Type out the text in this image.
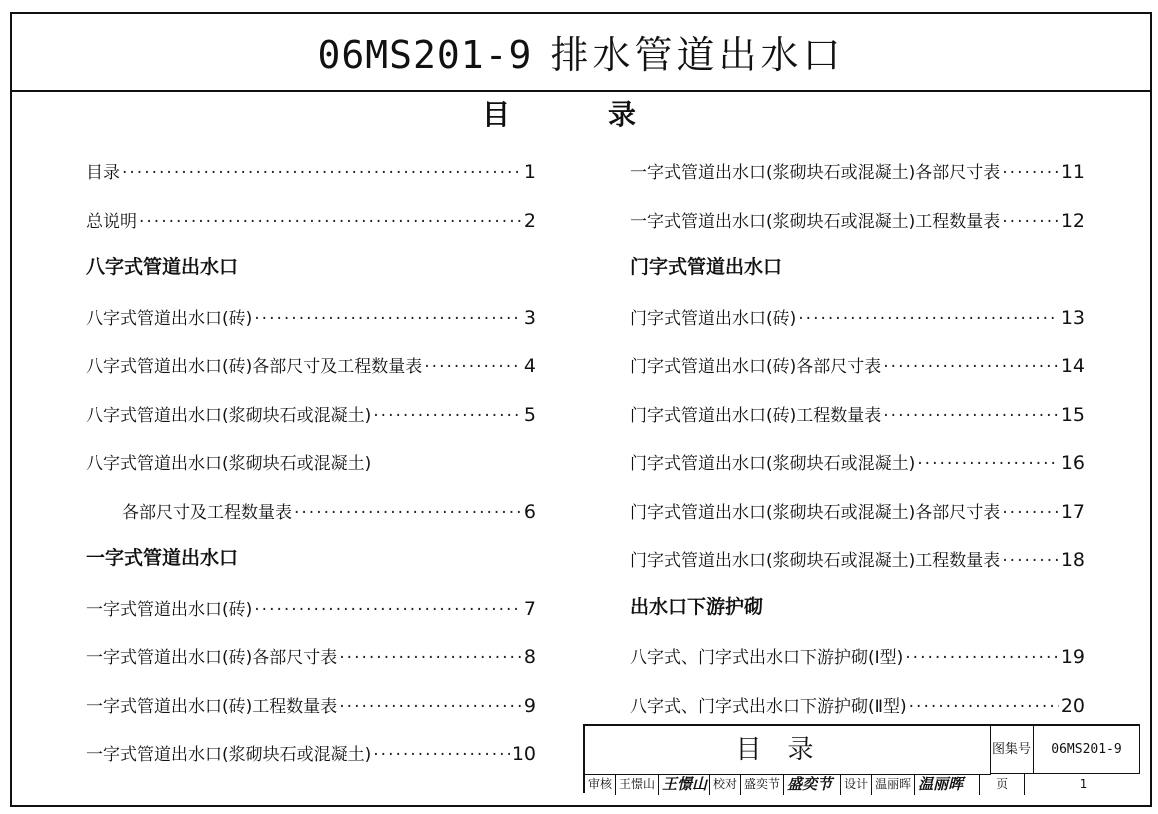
06MS201-9 排水管道出水口
目	录
目录 ·····	1
总说明 ·····	2
八字式管道出水口
八字式管道出水口(砖) ·····	3
八字式管道出水口(砖)各部尺寸及工程数量表 ·····	4
八字式管道出水口(浆砌块石或混凝土) ·····	5
八字式管道出水口(浆砌块石或混凝土)
各部尺寸及工程数量表 ·····	6
一字式管道出水口
一字式管道出水口(砖) ·····	7
一字式管道出水口(砖)各部尺寸表 ·····	8
一字式管道出水口(砖)工程数量表 ·····	9
一字式管道出水口(浆砌块石或混凝土) ·····	10
一字式管道出水口(浆砌块石或混凝土)各部尺寸表 ·····	11
一字式管道出水口(浆砌块石或混凝土)工程数量表 ·····	12
门字式管道出水口
门字式管道出水口(砖) ·····	13
门字式管道出水口(砖)各部尺寸表 ·····	14
门字式管道出水口(砖)工程数量表 ·····	15
门字式管道出水口(浆砌块石或混凝土) ·····	16
门字式管道出水口(浆砌块石或混凝土)各部尺寸表 ·····	17
门字式管道出水口(浆砌块石或混凝土)工程数量表 ·····	18
出水口下游护砌
八字式、门字式出水口下游护砌(Ⅰ型) ·····	19
八字式、门字式出水口下游护砌(Ⅱ型) ·····	20
目录	图集号	06MS201-9
审核 王憬山 王憬山 校对 盛奕节 盛奕节 设计 温丽晖 温丽晖	页	1
